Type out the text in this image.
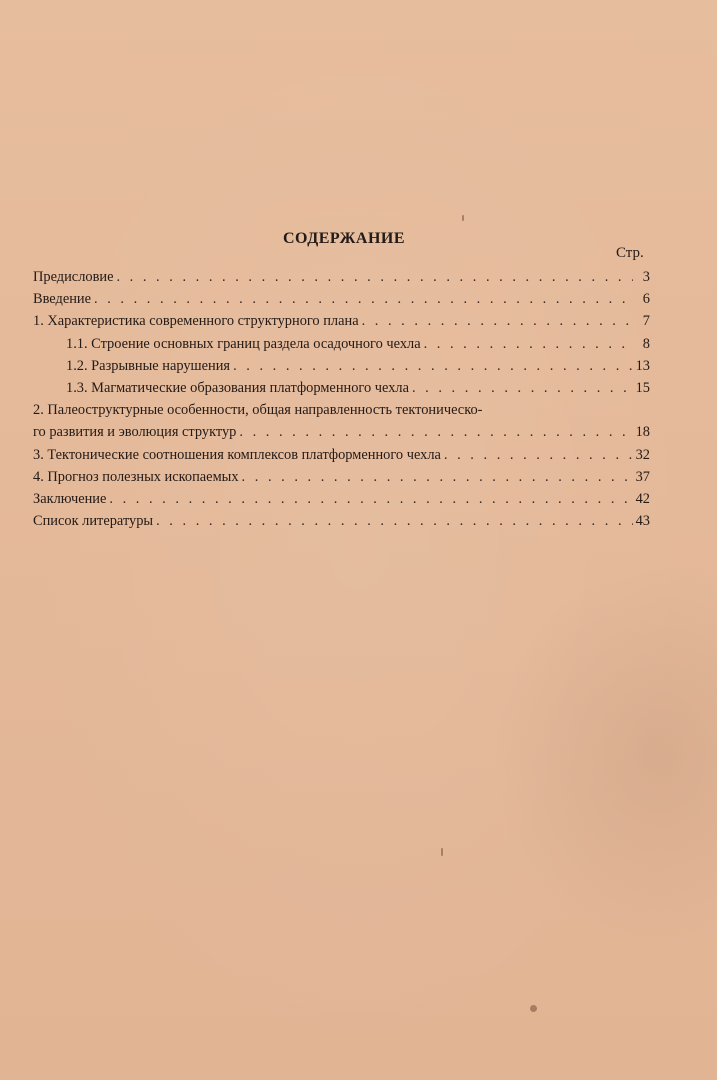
СОДЕРЖАНИЕ
Стр.
Предисловие . . .	3
Введение . . .	6
1. Характеристика современного структурного плана . . .	7
1.1. Строение основных границ раздела осадочного чехла . . .	8
1.2. Разрывные нарушения . . .	13
1.3. Магматические образования платформенного чехла . . .	15
2. Палеоструктурные особенности, общая направленность тектоническо-
го развития и эволюция структур . . .	18
3. Тектонические соотношения комплексов платформенного чехла . . .	32
4. Прогноз полезных ископаемых . . .	37
Заключение . . .	42
Список литературы . . .	43
